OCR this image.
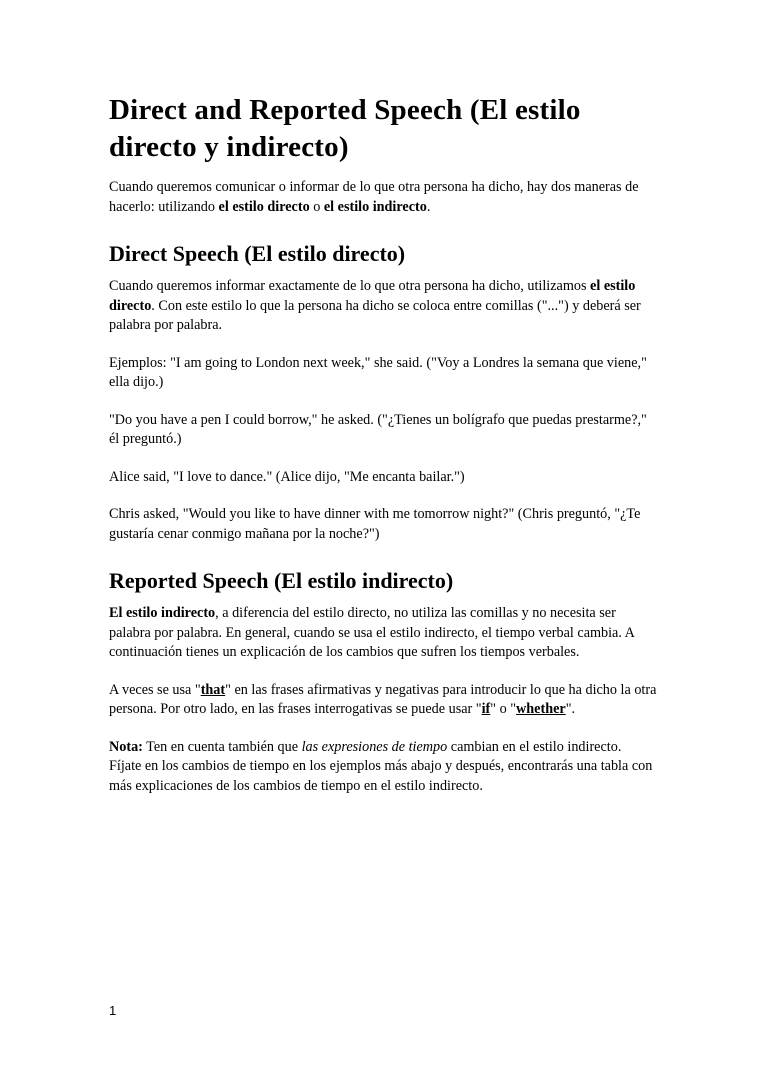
Direct and Reported Speech (El estilo directo y indirecto)

Cuando queremos comunicar o informar de lo que otra persona ha dicho, hay dos maneras de hacerlo: utilizando el estilo directo o el estilo indirecto.

Direct Speech (El estilo directo)

Cuando queremos informar exactamente de lo que otra persona ha dicho, utilizamos el estilo directo. Con este estilo lo que la persona ha dicho se coloca entre comillas ("...") y deberá ser palabra por palabra.

Ejemplos: "I am going to London next week," she said. ("Voy a Londres la semana que viene," ella dijo.)

"Do you have a pen I could borrow," he asked. ("¿Tienes un bolígrafo que puedas prestarme?," él preguntó.)

Alice said, "I love to dance." (Alice dijo, "Me encanta bailar.")

Chris asked, "Would you like to have dinner with me tomorrow night?" (Chris preguntó, "¿Te gustaría cenar conmigo mañana por la noche?")

Reported Speech (El estilo indirecto)

El estilo indirecto, a diferencia del estilo directo, no utiliza las comillas y no necesita ser palabra por palabra. En general, cuando se usa el estilo indirecto, el tiempo verbal cambia. A continuación tienes un explicación de los cambios que sufren los tiempos verbales.

A veces se usa "that" en las frases afirmativas y negativas para introducir lo que ha dicho la otra persona. Por otro lado, en las frases interrogativas se puede usar "if" o "whether".

Nota: Ten en cuenta también que las expresiones de tiempo cambian en el estilo indirecto. Fíjate en los cambios de tiempo en los ejemplos más abajo y después, encontrarás una tabla con más explicaciones de los cambios de tiempo en el estilo indirecto.

1
